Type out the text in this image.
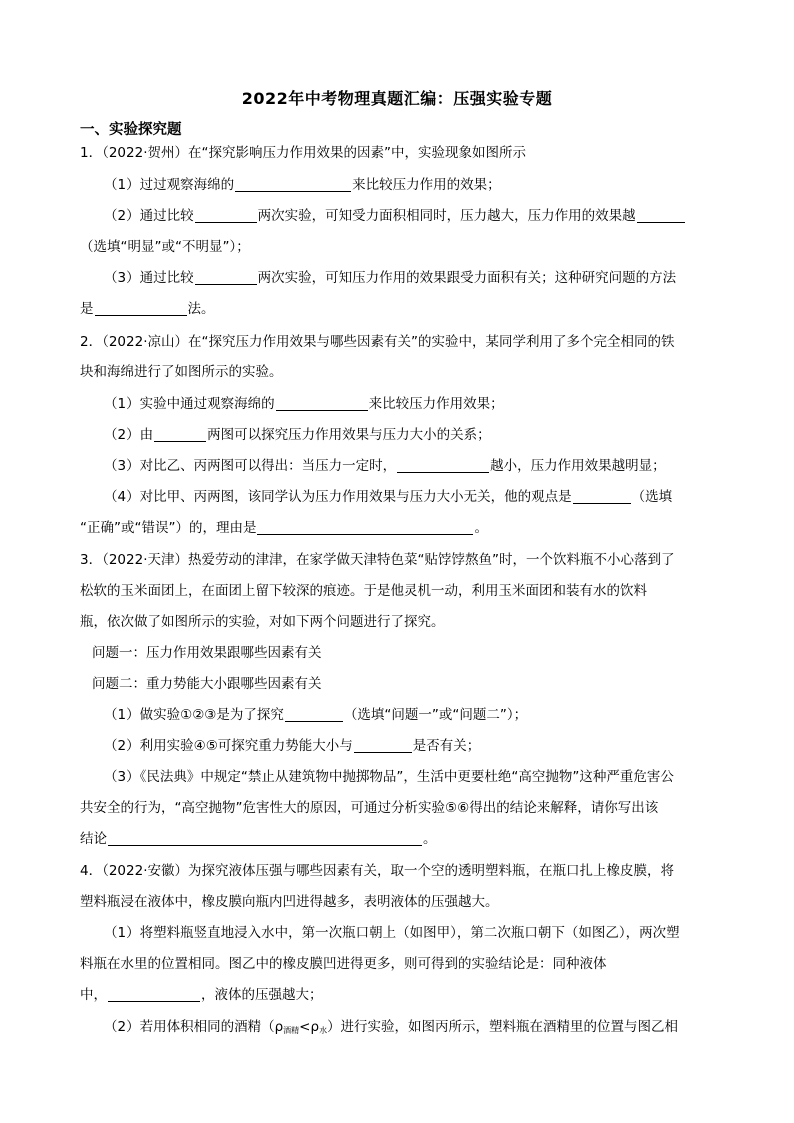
2022年中考物理真题汇编：压强实验专题
一、实验探究题
1．（2022·贺州）在“探究影响压力作用效果的因素”中，实验现象如图所示
（1）过过观察海绵的	来比较压力作用的效果；
（2）通过比较	两次实验，可知受力面积相同时，压力越大，压力作用的效果越
（选填“明显”或“不明显”）；
（3）通过比较	两次实验，可知压力作用的效果跟受力面积有关；这种研究问题的方法
是	法。
2．（2022·凉山）在“探究压力作用效果与哪些因素有关”的实验中，某同学利用了多个完全相同的铁
块和海绵进行了如图所示的实验。
（1）实验中通过观察海绵的	来比较压力作用效果；
（2）由	两图可以探究压力作用效果与压力大小的关系；
（3）对比乙、丙两图可以得出：当压力一定时，	越小，压力作用效果越明显；
（4）对比甲、丙两图，该同学认为压力作用效果与压力大小无关，他的观点是	（选填
“正确”或“错误”）的，理由是	。
3．（2022·天津）热爱劳动的津津，在家学做天津特色菜“贴饽饽熬鱼”时，一个饮料瓶不小心落到了
松软的玉米面团上，在面团上留下较深的痕迹。于是他灵机一动，利用玉米面团和装有水的饮料
瓶，依次做了如图所示的实验，对如下两个问题进行了探究。
问题一：压力作用效果跟哪些因素有关
问题二：重力势能大小跟哪些因素有关
（1）做实验①②③是为了探究	（选填“问题一”或“问题二”）；
（2）利用实验④⑤可探究重力势能大小与	是否有关；
（3）《民法典》中规定“禁止从建筑物中抛掷物品”，生活中更要杜绝“高空抛物”这种严重危害公
共安全的行为，“高空抛物”危害性大的原因，可通过分析实验⑤⑥得出的结论来解释，请你写出该
结论	。
4．（2022·安徽）为探究液体压强与哪些因素有关，取一个空的透明塑料瓶，在瓶口扎上橡皮膜，将
塑料瓶浸在液体中，橡皮膜向瓶内凹进得越多，表明液体的压强越大。
（1）将塑料瓶竖直地浸入水中，第一次瓶口朝上（如图甲），第二次瓶口朝下（如图乙），两次塑
料瓶在水里的位置相同。图乙中的橡皮膜凹进得更多，则可得到的实验结论是：同种液体
中，	，液体的压强越大；
（2）若用体积相同的酒精$(\rho_{酒精}<\rho_水)$进行实验，如图丙所示，塑料瓶在酒精里的位置与图乙相
